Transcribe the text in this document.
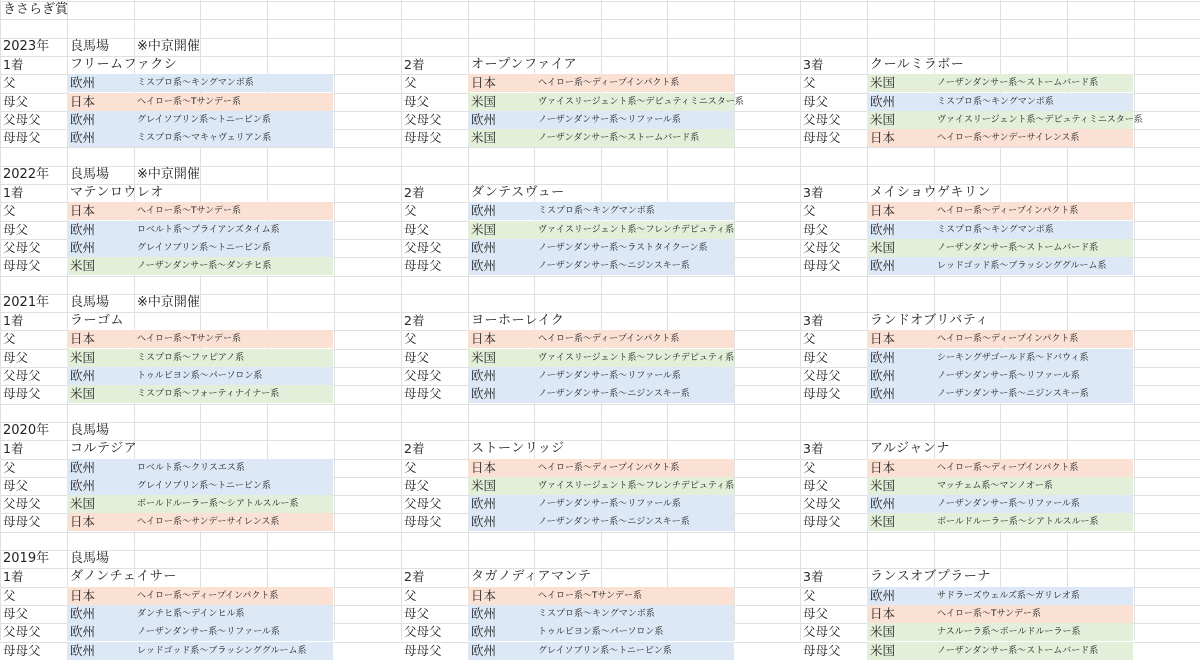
きさらぎ賞
2023年	良馬場	※中京開催
1着	フリームファクシ
父	欧州	ミスプロ系～キングマンボ系
母父	日本	ヘイロー系～Tサンデー系
父母父	欧州	グレイソブリン系～トニービン系
母母父	欧州	ミスプロ系～マキャヴェリアン系
2着	オープンファイア
父	日本	ヘイロー系～ディープインパクト系
母父	米国	ヴァイスリージェント系～デピュティミニスター系
父母父	欧州	ノーザンダンサー系～リファール系
母母父	米国	ノーザンダンサー系～ストームバード系
3着	クールミラボー
父	米国	ノーザンダンサー系～ストームバード系
母父	欧州	ミスプロ系～キングマンボ系
父母父	米国	ヴァイスリージェント系～デピュティミニスター系
母母父	日本	ヘイロー系～サンデーサイレンス系
2022年	良馬場	※中京開催
1着	マテンロウレオ
父	日本	ヘイロー系～Tサンデー系
母父	欧州	ロベルト系～ブライアンズタイム系
父母父	欧州	グレイソブリン系～トニービン系
母母父	米国	ノーザンダンサー系～ダンチヒ系
2着	ダンテスヴュー
父	欧州	ミスプロ系～キングマンボ系
母父	米国	ヴァイスリージェント系～フレンチデピュティ系
父母父	欧州	ノーザンダンサー系～ラストタイクーン系
母母父	欧州	ノーザンダンサー系～ニジンスキー系
3着	メイショウゲキリン
父	日本	ヘイロー系～ディープインパクト系
母父	欧州	ミスプロ系～キングマンボ系
父母父	米国	ノーザンダンサー系～ストームバード系
母母父	欧州	レッドゴッド系～ブラッシンググルーム系
2021年	良馬場	※中京開催
1着	ラーゴム
父	日本	ヘイロー系～Tサンデー系
母父	米国	ミスプロ系～ファピアノ系
父母父	欧州	トゥルビヨン系～パーソロン系
母母父	米国	ミスプロ系～フォーティナイナー系
2着	ヨーホーレイク
父	日本	ヘイロー系～ディープインパクト系
母父	米国	ヴァイスリージェント系～フレンチデピュティ系
父母父	欧州	ノーザンダンサー系～リファール系
母母父	欧州	ノーザンダンサー系～ニジンスキー系
3着	ランドオブリバティ
父	日本	ヘイロー系～ディープインパクト系
母父	欧州	シーキングザゴールド系～ドバウィ系
父母父	欧州	ノーザンダンサー系～リファール系
母母父	欧州	ノーザンダンサー系～ニジンスキー系
2020年	良馬場
1着	コルテジア
父	欧州	ロベルト系～クリスエス系
母父	欧州	グレイソブリン系～トニービン系
父母父	米国	ボールドルーラー系～シアトルスルー系
母母父	日本	ヘイロー系～サンデーサイレンス系
2着	ストーンリッジ
父	日本	ヘイロー系～ディープインパクト系
母父	米国	ヴァイスリージェント系～フレンチデピュティ系
父母父	欧州	ノーザンダンサー系～リファール系
母母父	欧州	ノーザンダンサー系～ニジンスキー系
3着	アルジャンナ
父	日本	ヘイロー系～ディープインパクト系
母父	米国	マッチェム系～マンノオー系
父母父	欧州	ノーザンダンサー系～リファール系
母母父	米国	ボールドルーラー系～シアトルスルー系
2019年	良馬場
1着	ダノンチェイサー
父	日本	ヘイロー系～ディープインパクト系
母父	欧州	ダンチヒ系～デインヒル系
父母父	欧州	ノーザンダンサー系～リファール系
母母父	欧州	レッドゴッド系～ブラッシンググルーム系
2着	タガノディアマンテ
父	日本	ヘイロー系～Tサンデー系
母父	欧州	ミスプロ系～キングマンボ系
父母父	欧州	トゥルビヨン系～パーソロン系
母母父	欧州	グレイソブリン系～トニービン系
3着	ランスオブプラーナ
父	欧州	サドラーズウェルズ系～ガリレオ系
母父	日本	ヘイロー系～Tサンデー系
父母父	米国	ナスルーラ系～ボールドルーラー系
母母父	米国	ノーザンダンサー系～ストームバード系
